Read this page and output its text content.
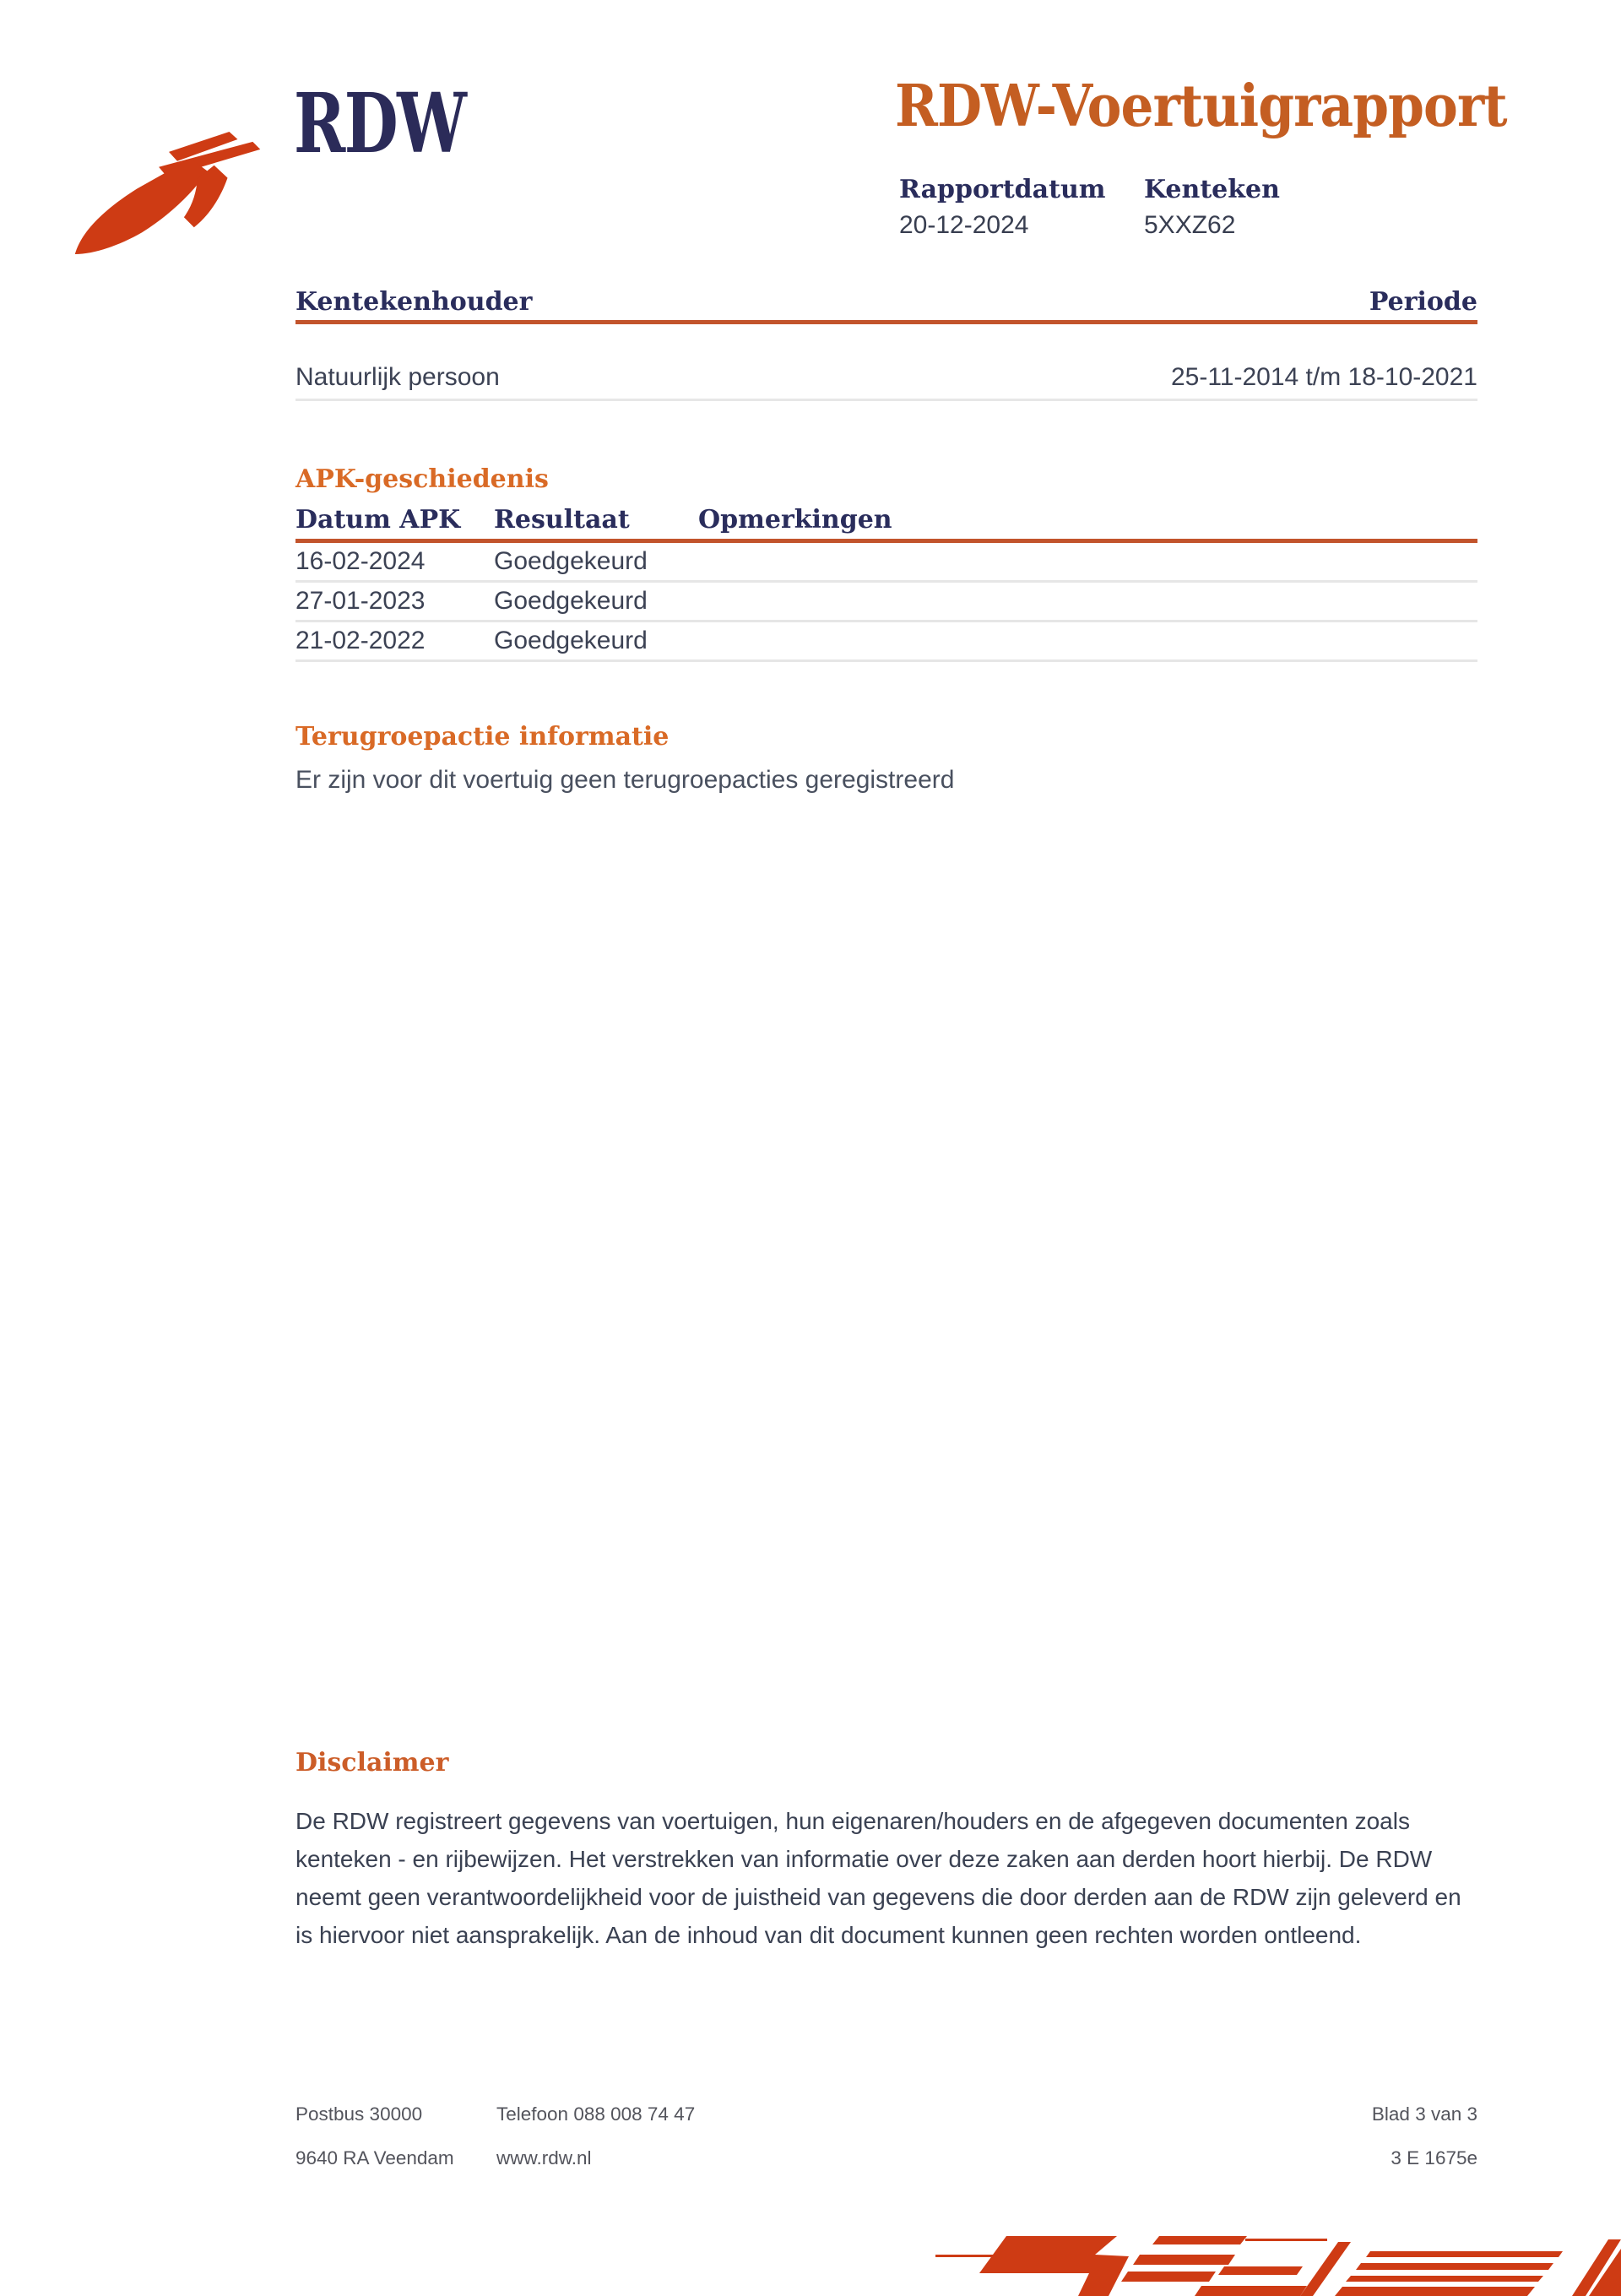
RDW	RDW-Voertuigrapport
Rapportdatum Kenteken
20-12-2024	5XXZ62
Kentekenhouder	Periode
Natuurlijk persoon	25-11-2014 t/m 18-10-2021
APK-geschiedenis
Datum APK	Resultaat	Opmerkingen
16-02-2024	Goedgekeurd
27-01-2023	Goedgekeurd
21-02-2022	Goedgekeurd
Terugroepactie informatie
Er zijn voor dit voertuig geen terugroepacties geregistreerd
Disclaimer
De RDW registreert gegevens van voertuigen, hun eigenaren/houders en de afgegeven documenten zoals kenteken - en rijbewijzen. Het verstrekken van informatie over deze zaken aan derden hoort hierbij. De RDW neemt geen verantwoordelijkheid voor de juistheid van gegevens die door derden aan de RDW zijn geleverd en is hiervoor niet aansprakelijk. Aan de inhoud van dit document kunnen geen rechten worden ontleend.
Postbus 30000	Telefoon 088 008 74 47	Blad 3 van 3
9640 RA Veendam www.rdw.nl	3 E 1675e
